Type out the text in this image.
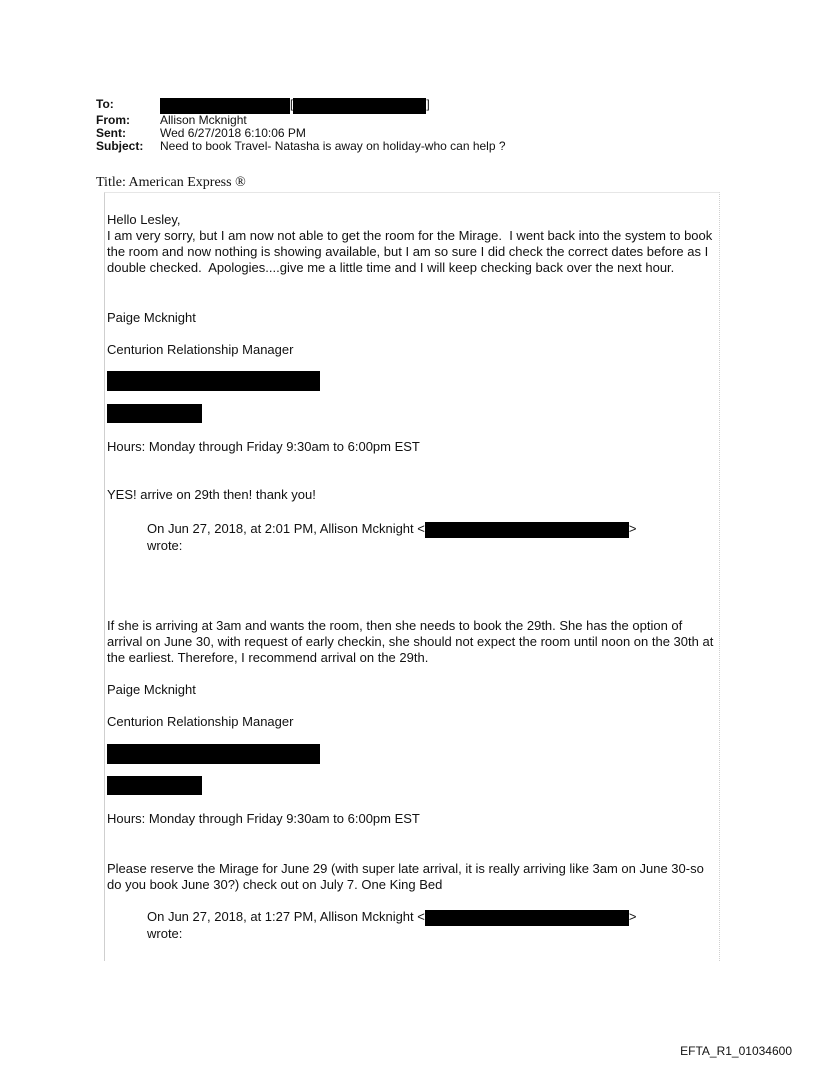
To:	[	]
From:	Allison Mcknight
Sent:	Wed 6/27/2018 6:10:06 PM
Subject:	Need to book Travel- Natasha is away on holiday-who can help ?
Title: American Express ®
Hello Lesley,
I am very sorry, but I am now not able to get the room for the Mirage.  I went back into the system to book the room and now nothing is showing available, but I am so sure I did check the correct dates before as I double checked.  Apologies....give me a little time and I will keep checking back over the next hour.
Paige Mcknight
Centurion Relationship Manager
Hours: Monday through Friday 9:30am to 6:00pm EST
YES! arrive on 29th then! thank you!
On Jun 27, 2018, at 2:01 PM, Allison Mcknight <	>
wrote:
If she is arriving at 3am and wants the room, then she needs to book the 29th. She has the option of arrival on June 30, with request of early checkin, she should not expect the room until noon on the 30th at the earliest. Therefore, I recommend arrival on the 29th.
Paige Mcknight
Centurion Relationship Manager
Hours: Monday through Friday 9:30am to 6:00pm EST
Please reserve the Mirage for June 29 (with super late arrival, it is really arriving like 3am on June 30-so do you book June 30?) check out on July 7. One King Bed
On Jun 27, 2018, at 1:27 PM, Allison Mcknight <	>
wrote:
EFTA_R1_01034600
